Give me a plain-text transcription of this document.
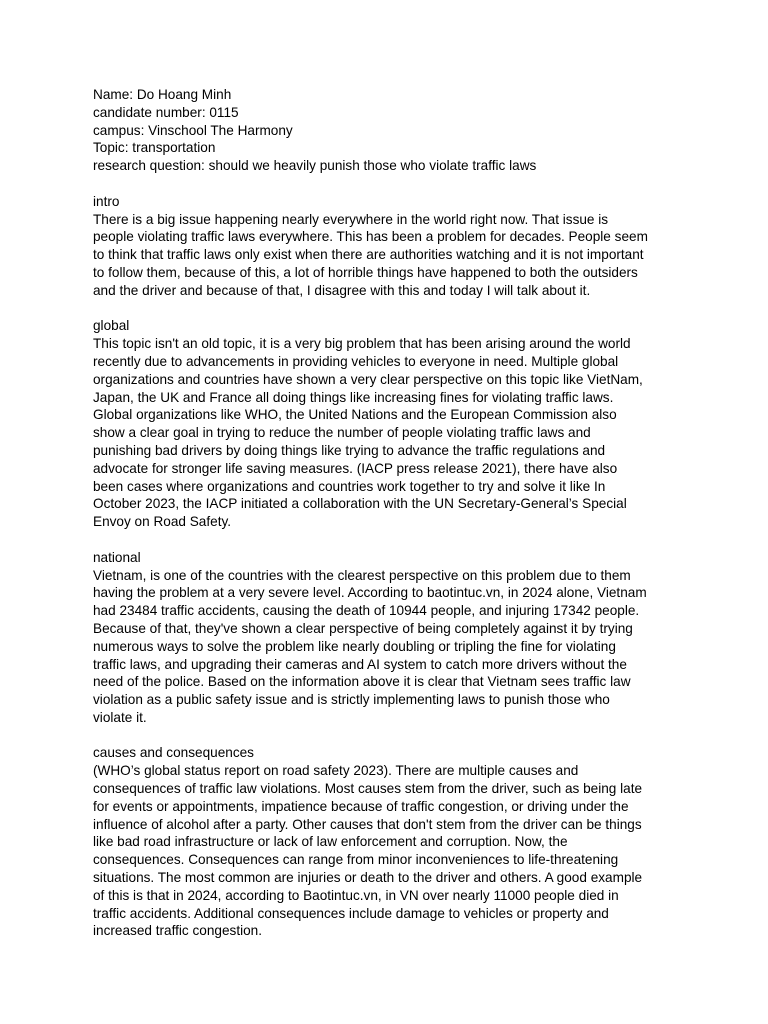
Name: Do Hoang Minh
candidate number: 0115
campus: Vinschool The Harmony
Topic: transportation
research question: should we heavily punish those who violate traffic laws
intro
There is a big issue happening nearly everywhere in the world right now. That issue is
people violating traffic laws everywhere. This has been a problem for decades. People seem
to think that traffic laws only exist when there are authorities watching and it is not important
to follow them, because of this, a lot of horrible things have happened to both the outsiders
and the driver and because of that, I disagree with this and today I will talk about it.
global
This topic isn't an old topic, it is a very big problem that has been arising around the world
recently due to advancements in providing vehicles to everyone in need. Multiple global
organizations and countries have shown a very clear perspective on this topic like VietNam,
Japan, the UK and France all doing things like increasing fines for violating traffic laws.
Global organizations like WHO, the United Nations and the European Commission also
show a clear goal in trying to reduce the number of people violating traffic laws and
punishing bad drivers by doing things like trying to advance the traffic regulations and
advocate for stronger life saving measures. (IACP press release 2021), there have also
been cases where organizations and countries work together to try and solve it like In
October 2023, the IACP initiated a collaboration with the UN Secretary-General’s Special
Envoy on Road Safety.
national
Vietnam, is one of the countries with the clearest perspective on this problem due to them
having the problem at a very severe level. According to baotintuc.vn, in 2024 alone, Vietnam
had 23484 traffic accidents, causing the death of 10944 people, and injuring 17342 people.
Because of that, they've shown a clear perspective of being completely against it by trying
numerous ways to solve the problem like nearly doubling or tripling the fine for violating
traffic laws, and upgrading their cameras and AI system to catch more drivers without the
need of the police. Based on the information above it is clear that Vietnam sees traffic law
violation as a public safety issue and is strictly implementing laws to punish those who
violate it.
causes and consequences
(WHO’s global status report on road safety 2023). There are multiple causes and
consequences of traffic law violations. Most causes stem from the driver, such as being late
for events or appointments, impatience because of traffic congestion, or driving under the
influence of alcohol after a party. Other causes that don't stem from the driver can be things
like bad road infrastructure or lack of law enforcement and corruption. Now, the
consequences. Consequences can range from minor inconveniences to life-threatening
situations. The most common are injuries or death to the driver and others. A good example
of this is that in 2024, according to Baotintuc.vn, in VN over nearly 11000 people died in
traffic accidents. Additional consequences include damage to vehicles or property and
increased traffic congestion.
